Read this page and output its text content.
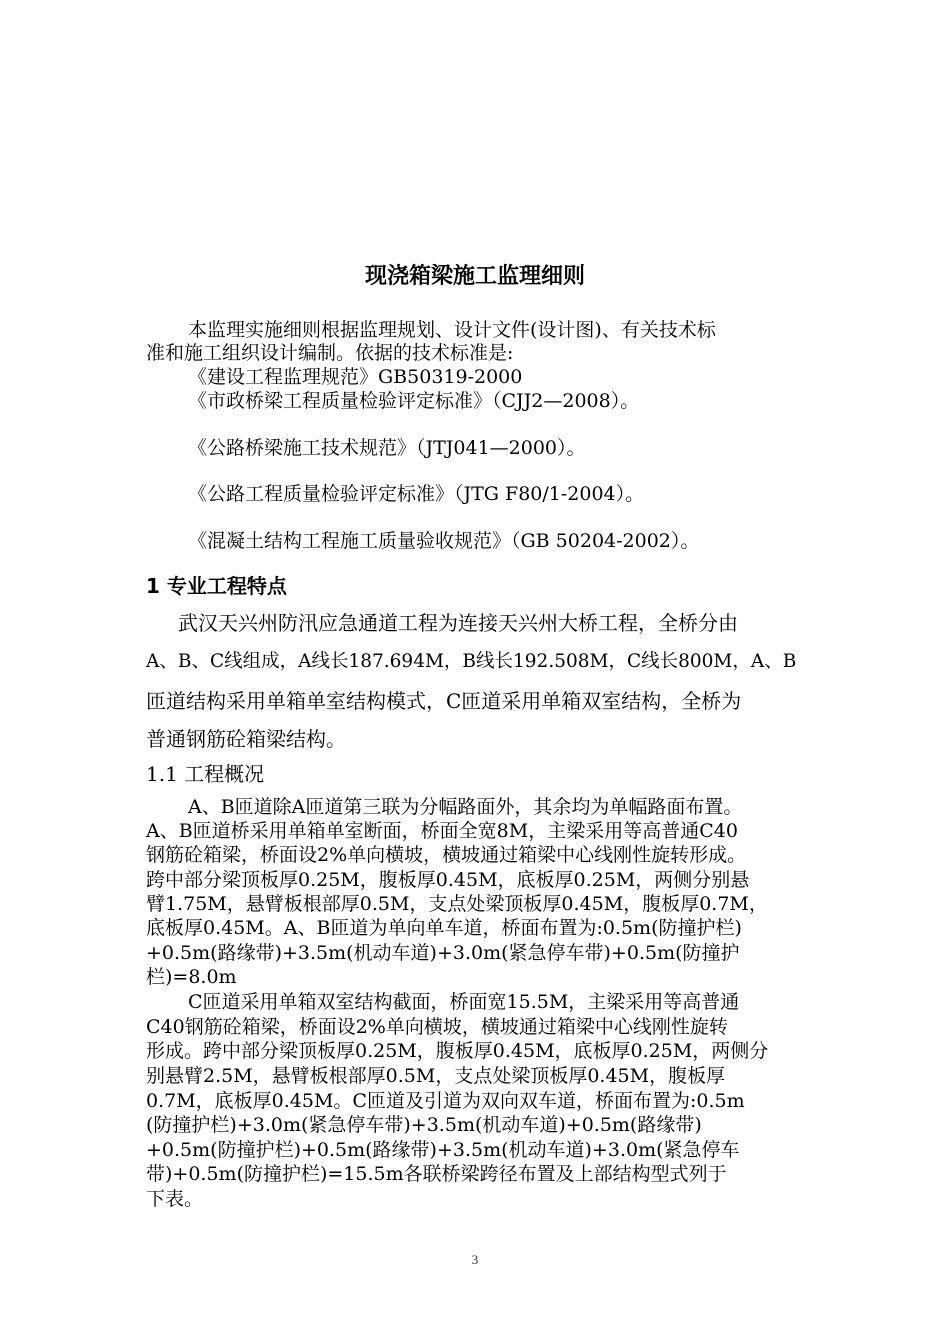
现浇箱梁施工监理细则
本监理实施细则根据监理规划、设计文件(设计图)、有关技术标
准和施工组织设计编制。依据的技术标准是:
《建设工程监理规范》GB50319-2000
《市政桥梁工程质量检验评定标准》（CJJ2—2008）。
《公路桥梁施工技术规范》（JTJ041—2000）。
《公路工程质量检验评定标准》（JTG F80/1-2004）。
《混凝土结构工程施工质量验收规范》（GB 50204-2002）。
1 专业工程特点
武汉天兴州防汛应急通道工程为连接天兴州大桥工程，全桥分由
A、B、C线组成，A线长187.694M，B线长192.508M，C线长800M，A、B
匝道结构采用单箱单室结构模式，C匝道采用单箱双室结构，全桥为
普通钢筋砼箱梁结构。
1.1 工程概况
A、B匝道除A匝道第三联为分幅路面外，其余均为单幅路面布置。
A、B匝道桥采用单箱单室断面，桥面全宽8M，主梁采用等高普通C40
钢筋砼箱梁，桥面设2%单向横坡，横坡通过箱梁中心线刚性旋转形成。
跨中部分梁顶板厚0.25M，腹板厚0.45M，底板厚0.25M，两侧分别悬
臂1.75M，悬臂板根部厚0.5M，支点处梁顶板厚0.45M，腹板厚0.7M，
底板厚0.45M。A、B匝道为单向单车道，桥面布置为:0.5m(防撞护栏)
+0.5m(路缘带)+3.5m(机动车道)+3.0m(紧急停车带)+0.5m(防撞护
栏)=8.0m
C匝道采用单箱双室结构截面，桥面宽15.5M，主梁采用等高普通
C40钢筋砼箱梁，桥面设2%单向横坡，横坡通过箱梁中心线刚性旋转
形成。跨中部分梁顶板厚0.25M，腹板厚0.45M，底板厚0.25M，两侧分
别悬臂2.5M，悬臂板根部厚0.5M，支点处梁顶板厚0.45M，腹板厚
0.7M，底板厚0.45M。C匝道及引道为双向双车道，桥面布置为:0.5m
(防撞护栏)+3.0m(紧急停车带)+3.5m(机动车道)+0.5m(路缘带)
+0.5m(防撞护栏)+0.5m(路缘带)+3.5m(机动车道)+3.0m(紧急停车
带)+0.5m(防撞护栏)=15.5m各联桥梁跨径布置及上部结构型式列于
下表。
3
